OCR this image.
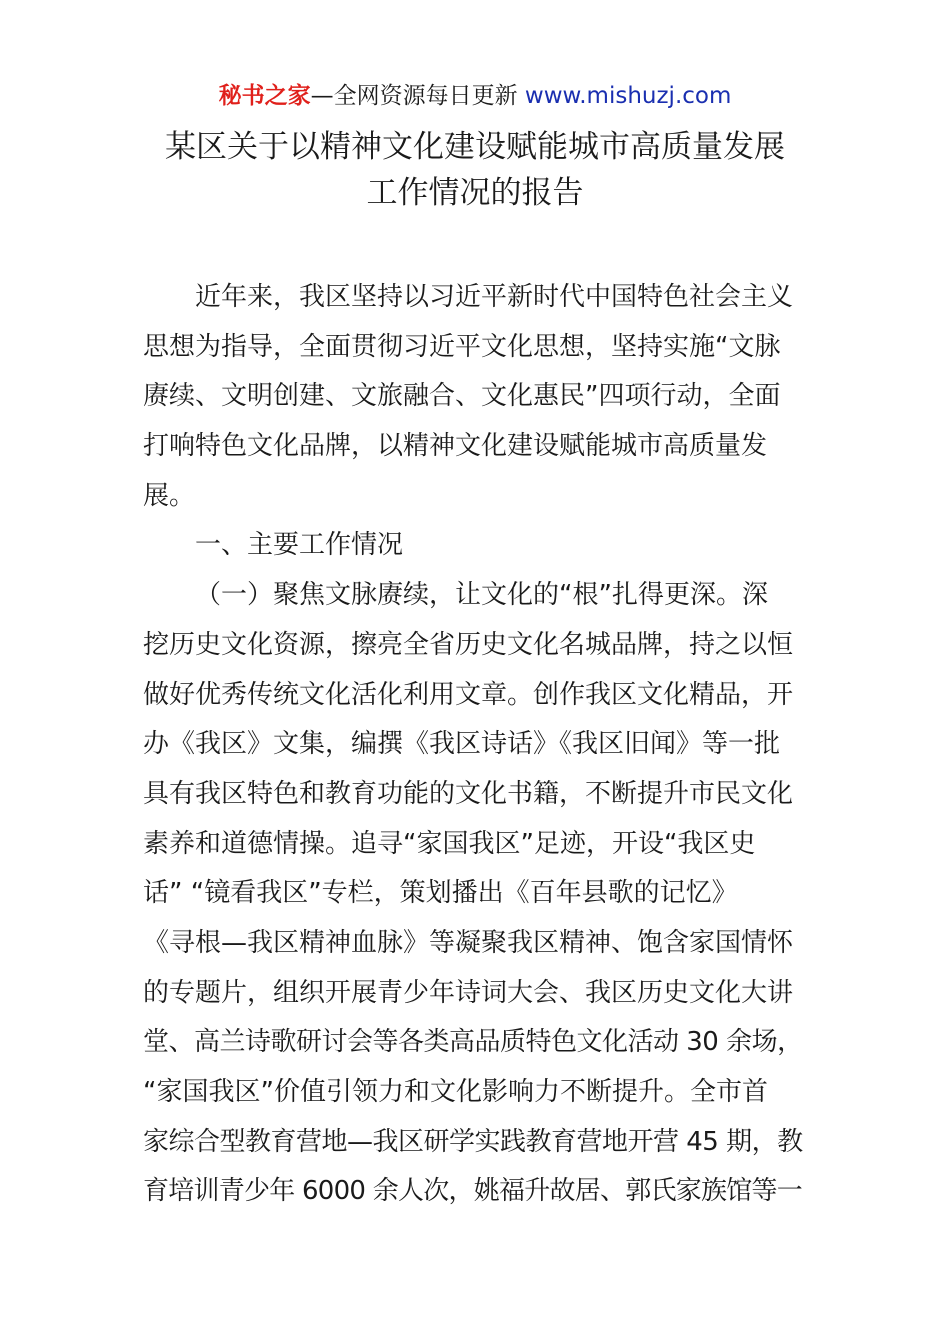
秘书之家—全网资源每日更新 www.mishuzj.com
某区关于以精神文化建设赋能城市高质量发展
工作情况的报告
近年来，我区坚持以习近平新时代中国特色社会主义
思想为指导，全面贯彻习近平文化思想，坚持实施“文脉
赓续、文明创建、文旅融合、文化惠民”四项行动，全面
打响特色文化品牌，以精神文化建设赋能城市高质量发
展。
一、主要工作情况
（一）聚焦文脉赓续，让文化的“根”扎得更深。深
挖历史文化资源，擦亮全省历史文化名城品牌，持之以恒
做好优秀传统文化活化利用文章。创作我区文化精品，开
办《我区》文集，编撰《我区诗话》《我区旧闻》等一批
具有我区特色和教育功能的文化书籍，不断提升市民文化
素养和道德情操。追寻“家国我区”足迹，开设“我区史
话” “镜看我区”专栏，策划播出《百年县歌的记忆》
《寻根—我区精神血脉》等凝聚我区精神、饱含家国情怀
的专题片，组织开展青少年诗词大会、我区历史文化大讲
堂、高兰诗歌研讨会等各类高品质特色文化活动 30 余场，
“家国我区”价值引领力和文化影响力不断提升。全市首
家综合型教育营地—我区研学实践教育营地开营 45 期，教
育培训青少年 6000 余人次，姚福升故居、郭氏家族馆等一
